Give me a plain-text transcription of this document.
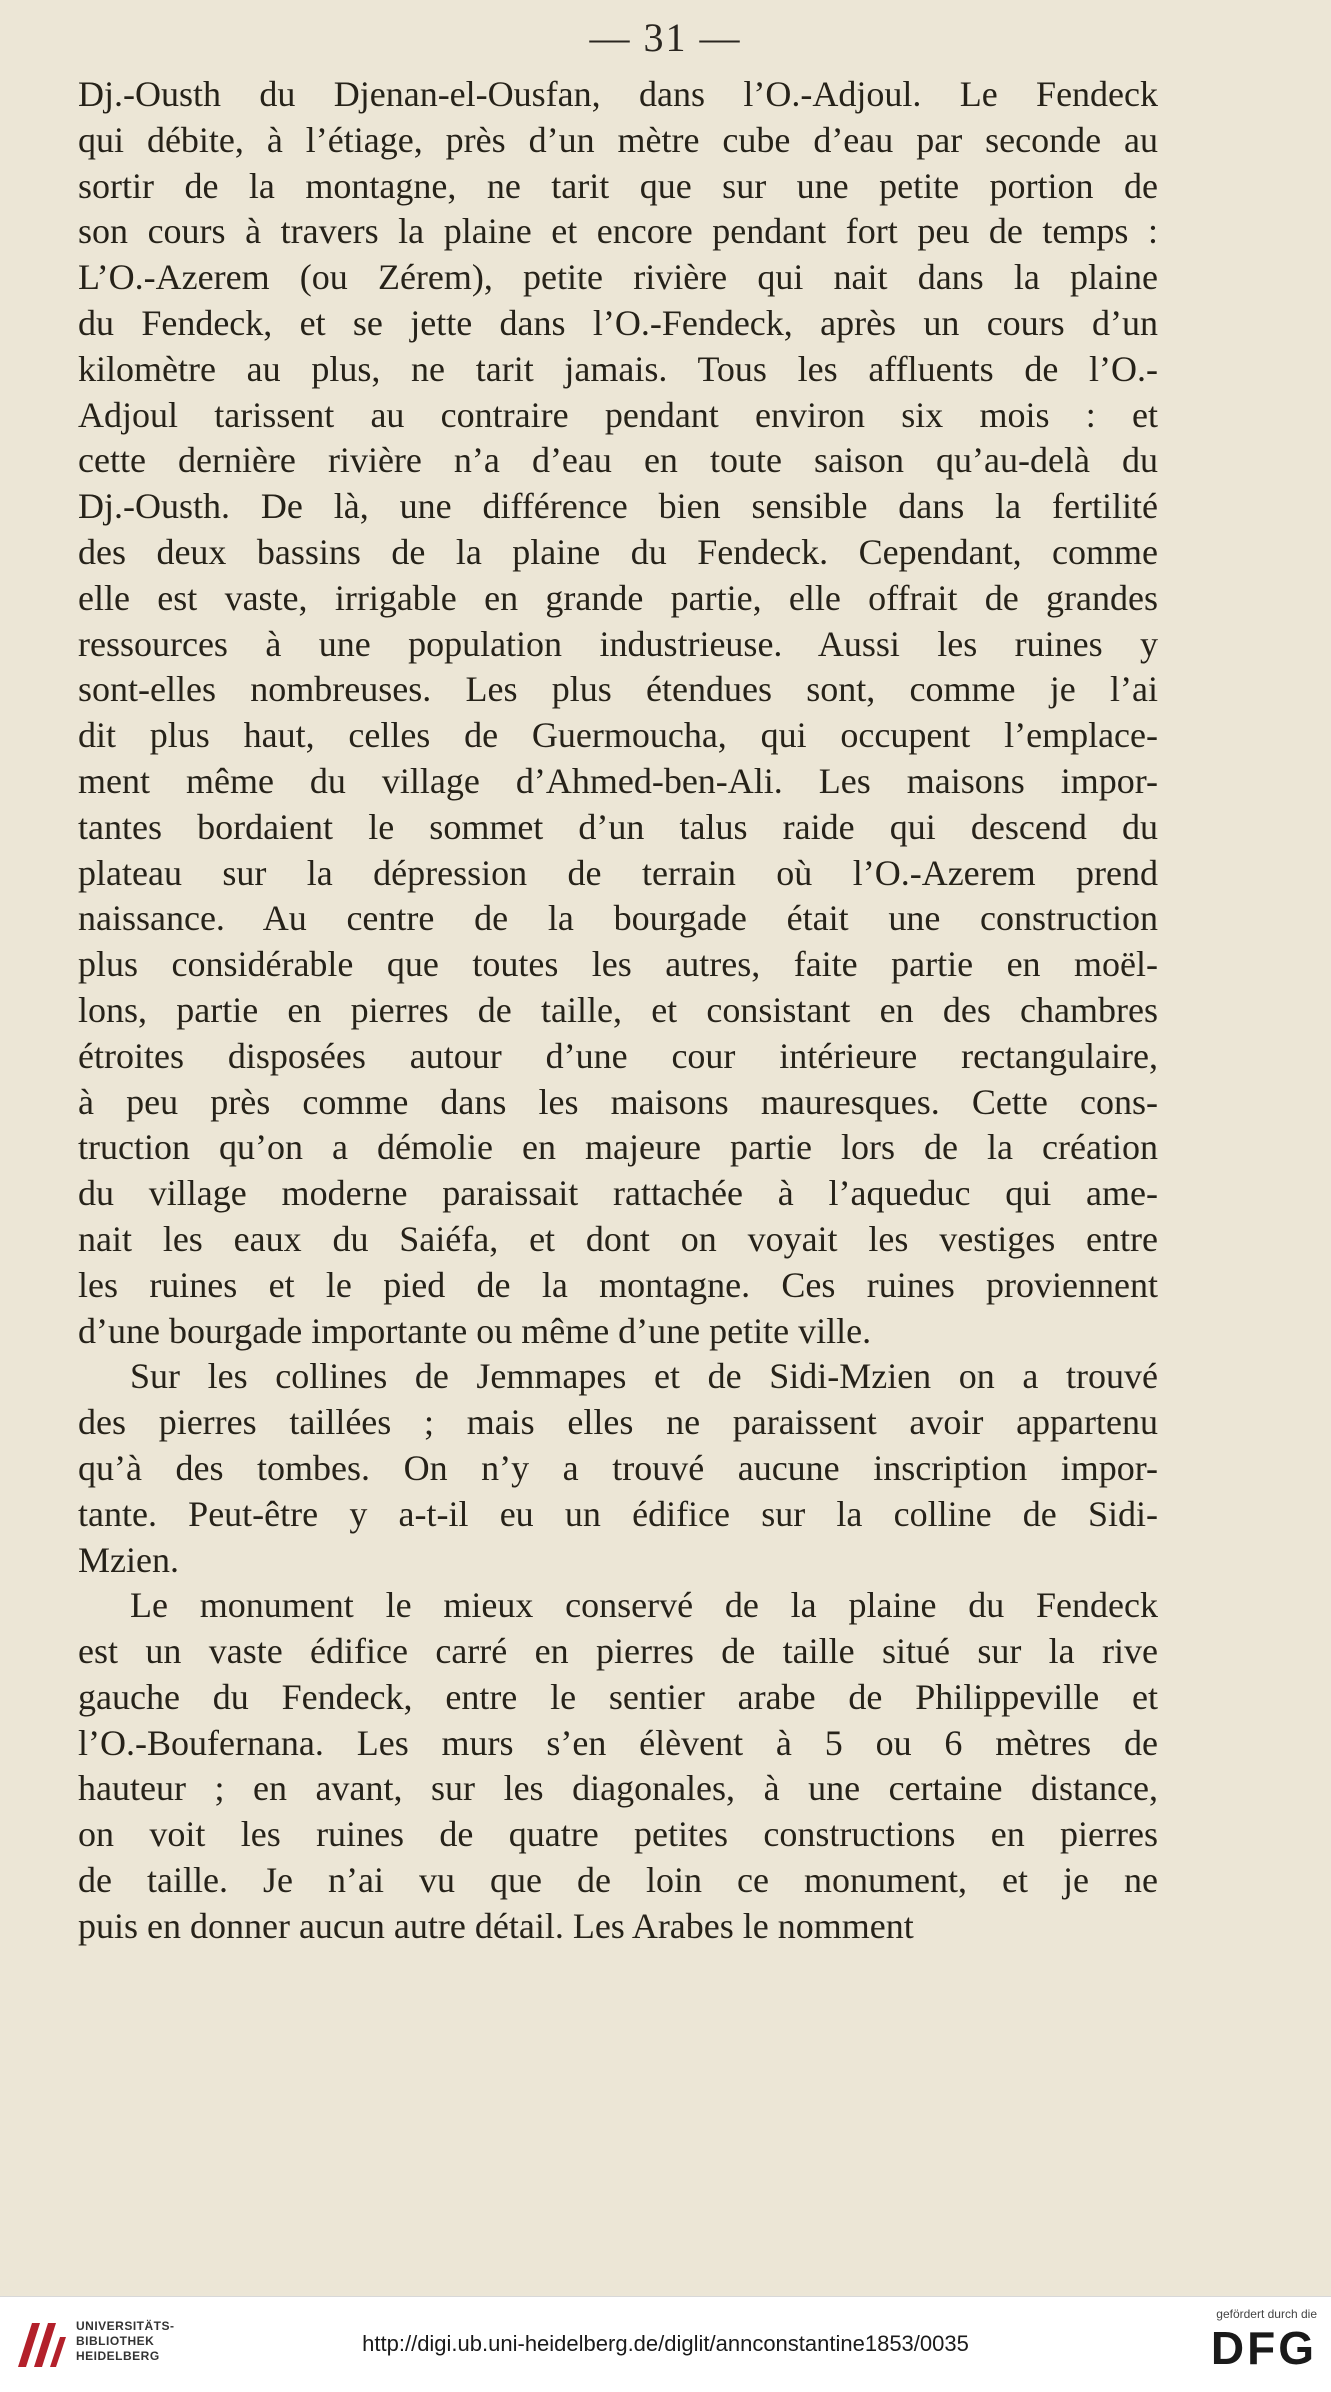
— 31 —
Dj.-Ousth du Djenan-el-Ousfan, dans l’O.-Adjoul. Le Fendeck
qui débite, à l’étiage, près d’un mètre cube d’eau par seconde au
sortir de la montagne, ne tarit que sur une petite portion de
son cours à travers la plaine et encore pendant fort peu de temps :
L’O.-Azerem (ou Zérem), petite rivière qui nait dans la plaine
du Fendeck, et se jette dans l’O.-Fendeck, après un cours d’un
kilomètre au plus, ne tarit jamais. Tous les affluents de l’O.-
Adjoul tarissent au contraire pendant environ six mois : et
cette dernière rivière n’a d’eau en toute saison qu’au-delà du
Dj.-Ousth. De là, une différence bien sensible dans la fertilité
des deux bassins de la plaine du Fendeck. Cependant, comme
elle est vaste, irrigable en grande partie, elle offrait de grandes
ressources à une population industrieuse. Aussi les ruines y
sont-elles nombreuses. Les plus étendues sont, comme je l’ai
dit plus haut, celles de Guermoucha, qui occupent l’emplace-
ment même du village d’Ahmed-ben-Ali. Les maisons impor-
tantes bordaient le sommet d’un talus raide qui descend du
plateau sur la dépression de terrain où l’O.-Azerem prend
naissance. Au centre de la bourgade était une construction
plus considérable que toutes les autres, faite partie en moël-
lons, partie en pierres de taille, et consistant en des chambres
étroites disposées autour d’une cour intérieure rectangulaire,
à peu près comme dans les maisons mauresques. Cette cons-
truction qu’on a démolie en majeure partie lors de la création
du village moderne paraissait rattachée à l’aqueduc qui ame-
nait les eaux du Saiéfa, et dont on voyait les vestiges entre
les ruines et le pied de la montagne. Ces ruines proviennent
d’une bourgade importante ou même d’une petite ville.
Sur les collines de Jemmapes et de Sidi-Mzien on a trouvé
des pierres taillées ; mais elles ne paraissent avoir appartenu
qu’à des tombes. On n’y a trouvé aucune inscription impor-
tante. Peut-être y a-t-il eu un édifice sur la colline de Sidi-
Mzien.
Le monument le mieux conservé de la plaine du Fendeck
est un vaste édifice carré en pierres de taille situé sur la rive
gauche du Fendeck, entre le sentier arabe de Philippeville et
l’O.-Boufernana. Les murs s’en élèvent à 5 ou 6 mètres de
hauteur ; en avant, sur les diagonales, à une certaine distance,
on voit les ruines de quatre petites constructions en pierres
de taille. Je n’ai vu que de loin ce monument, et je ne
puis en donner aucun autre détail. Les Arabes le nomment
UNIVERSITÄTS-
BIBLIOTHEK
HEIDELBERG	http://digi.ub.uni-heidelberg.de/diglit/annconstantine1853/0035
gefördert durch die
DFG
